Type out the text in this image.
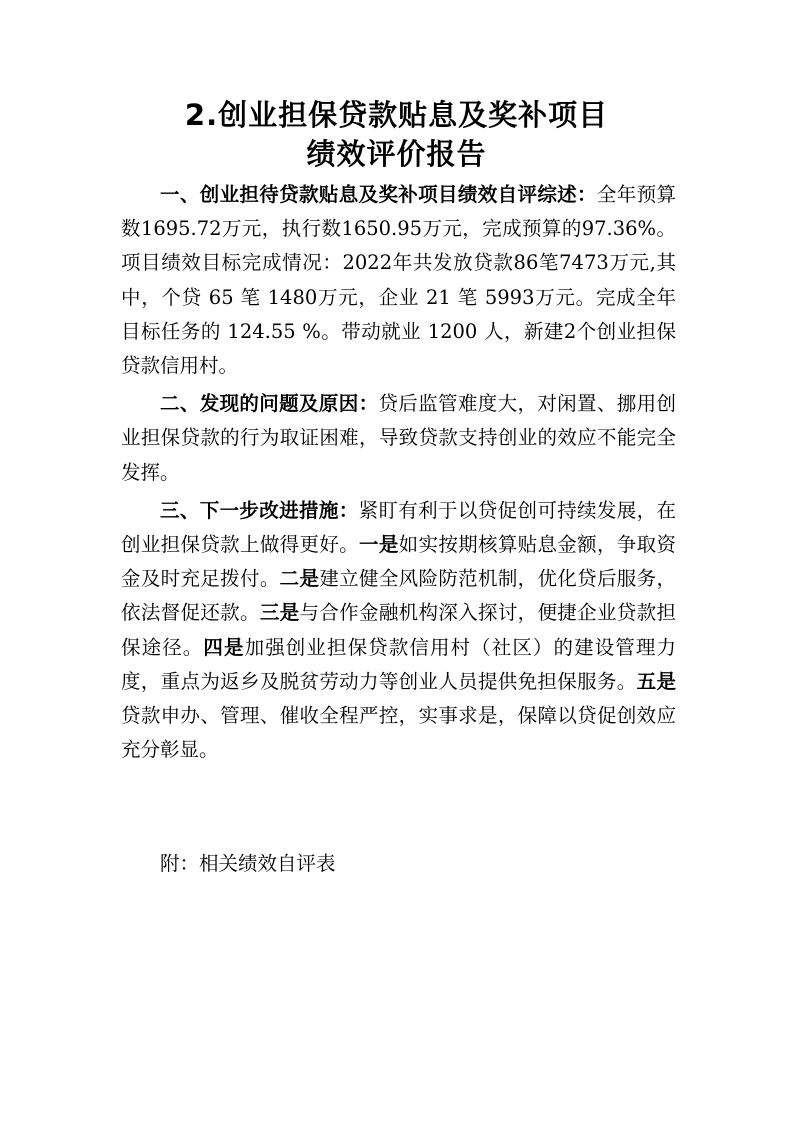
2.创业担保贷款贴息及奖补项目
绩效评价报告

一、创业担待贷款贴息及奖补项目绩效自评综述：全年预算数1695.72万元，执行数1650.95万元，完成预算的97.36%。项目绩效目标完成情况：2022年共发放贷款86笔7473万元,其中，个贷 65 笔 1480万元，企业 21 笔 5993万元。完成全年目标任务的 124.55 %。带动就业 1200 人，新建2个创业担保贷款信用村。

二、发现的问题及原因：贷后监管难度大，对闲置、挪用创业担保贷款的行为取证困难，导致贷款支持创业的效应不能完全发挥。

三、下一步改进措施：紧盯有利于以贷促创可持续发展，在创业担保贷款上做得更好。一是如实按期核算贴息金额，争取资金及时充足拨付。二是建立健全风险防范机制，优化贷后服务，依法督促还款。三是与合作金融机构深入探讨，便捷企业贷款担保途径。四是加强创业担保贷款信用村（社区）的建设管理力度，重点为返乡及脱贫劳动力等创业人员提供免担保服务。五是贷款申办、管理、催收全程严控，实事求是，保障以贷促创效应充分彰显。

附：相关绩效自评表
